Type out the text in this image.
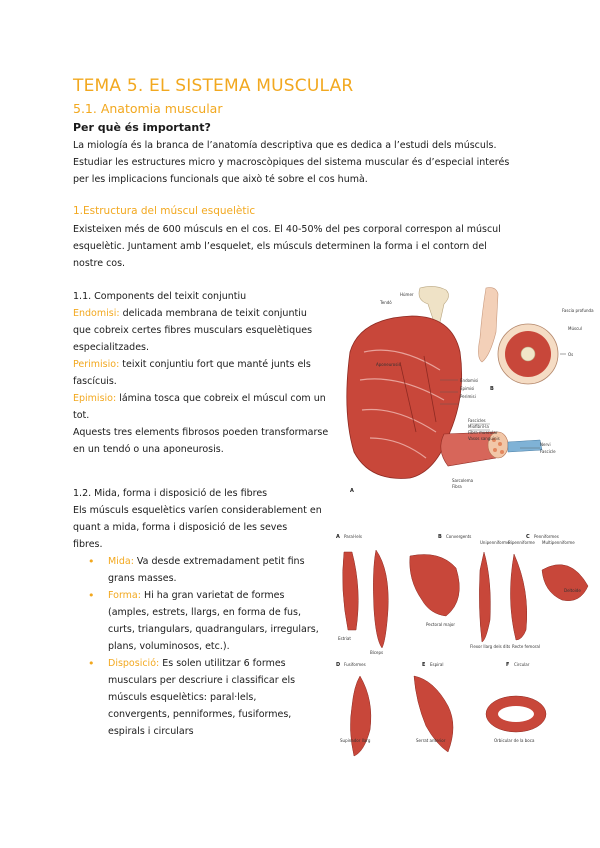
TEMA 5. EL SISTEMA MUSCULAR
5.1. Anatomia muscular
Per què és important?
La miología és la branca de l’anatomía descriptiva que es dedica a l’estudi dels músculs.
Estudiar les estructures micro y macroscòpiques del sistema muscular és d’especial interés
per les implicacions funcionals que això té sobre el cos humà.
1.Estructura del múscul esquelètic
Existeixen més de 600 músculs en el cos. El 40-50% del pes corporal correspon al múscul
esquelètic. Juntament amb l’esquelet, els músculs determinen la forma i el contorn del
nostre cos.
1.1. Components del teixit conjuntiu
Endomisi: delicada membrana de teixit conjuntiu
que cobreix certes fibres musculars esquelètiques
especialitzades.
Perimisio: teixit conjuntiu fort que manté junts els
fascícuis.
Epimisio: lámina tosca que cobreix el múscul com un
tot.
Aquests tres elements fibrosos poeden transformarse
en un tendó o una aponeurosis.
1.2. Mida, forma i disposició de les fibres
Els músculs esquelètics varíen considerablement en
quant a mida, forma i disposició de les seves
fibres.
• Mida: Va desde extremadament petit fins
grans masses.
• Forma: Hi ha gran varietat de formes
(amples, estrets, llargs, en forma de fus,
curts, triangulars, quadrangulars, irregulars,
plans, voluminosos, etc.).
• Disposició: Es solen utilitzar 6 formes
musculars per descriure i classificar els
músculs esquelètics: paral·lels,
convergents, penniformes, fusiformes,
espirals i circulars
Tendó
Húmer
Aponeurosis
Endomisi
Epimisi
Perimisi
Fascicles
Miofibril·la
Fibra muscular
Vasos sanguinis
Nervi
Fascicle
Sarcolema
Fibra
A
B
Fascia profunda
Múscul
Os
A Paral·lels	B Convergents	C Penniformes
Estriat
Bíceps
Pectoral major
Unipenniforme
Bipenniforme Multipenniforme
Deltoide
Recte femoral
Flexor llarg dels dits
D Fusiformes	E Espiral	F Circular
Supinador llarg	Serrat anterior	Orbicular de la boca
